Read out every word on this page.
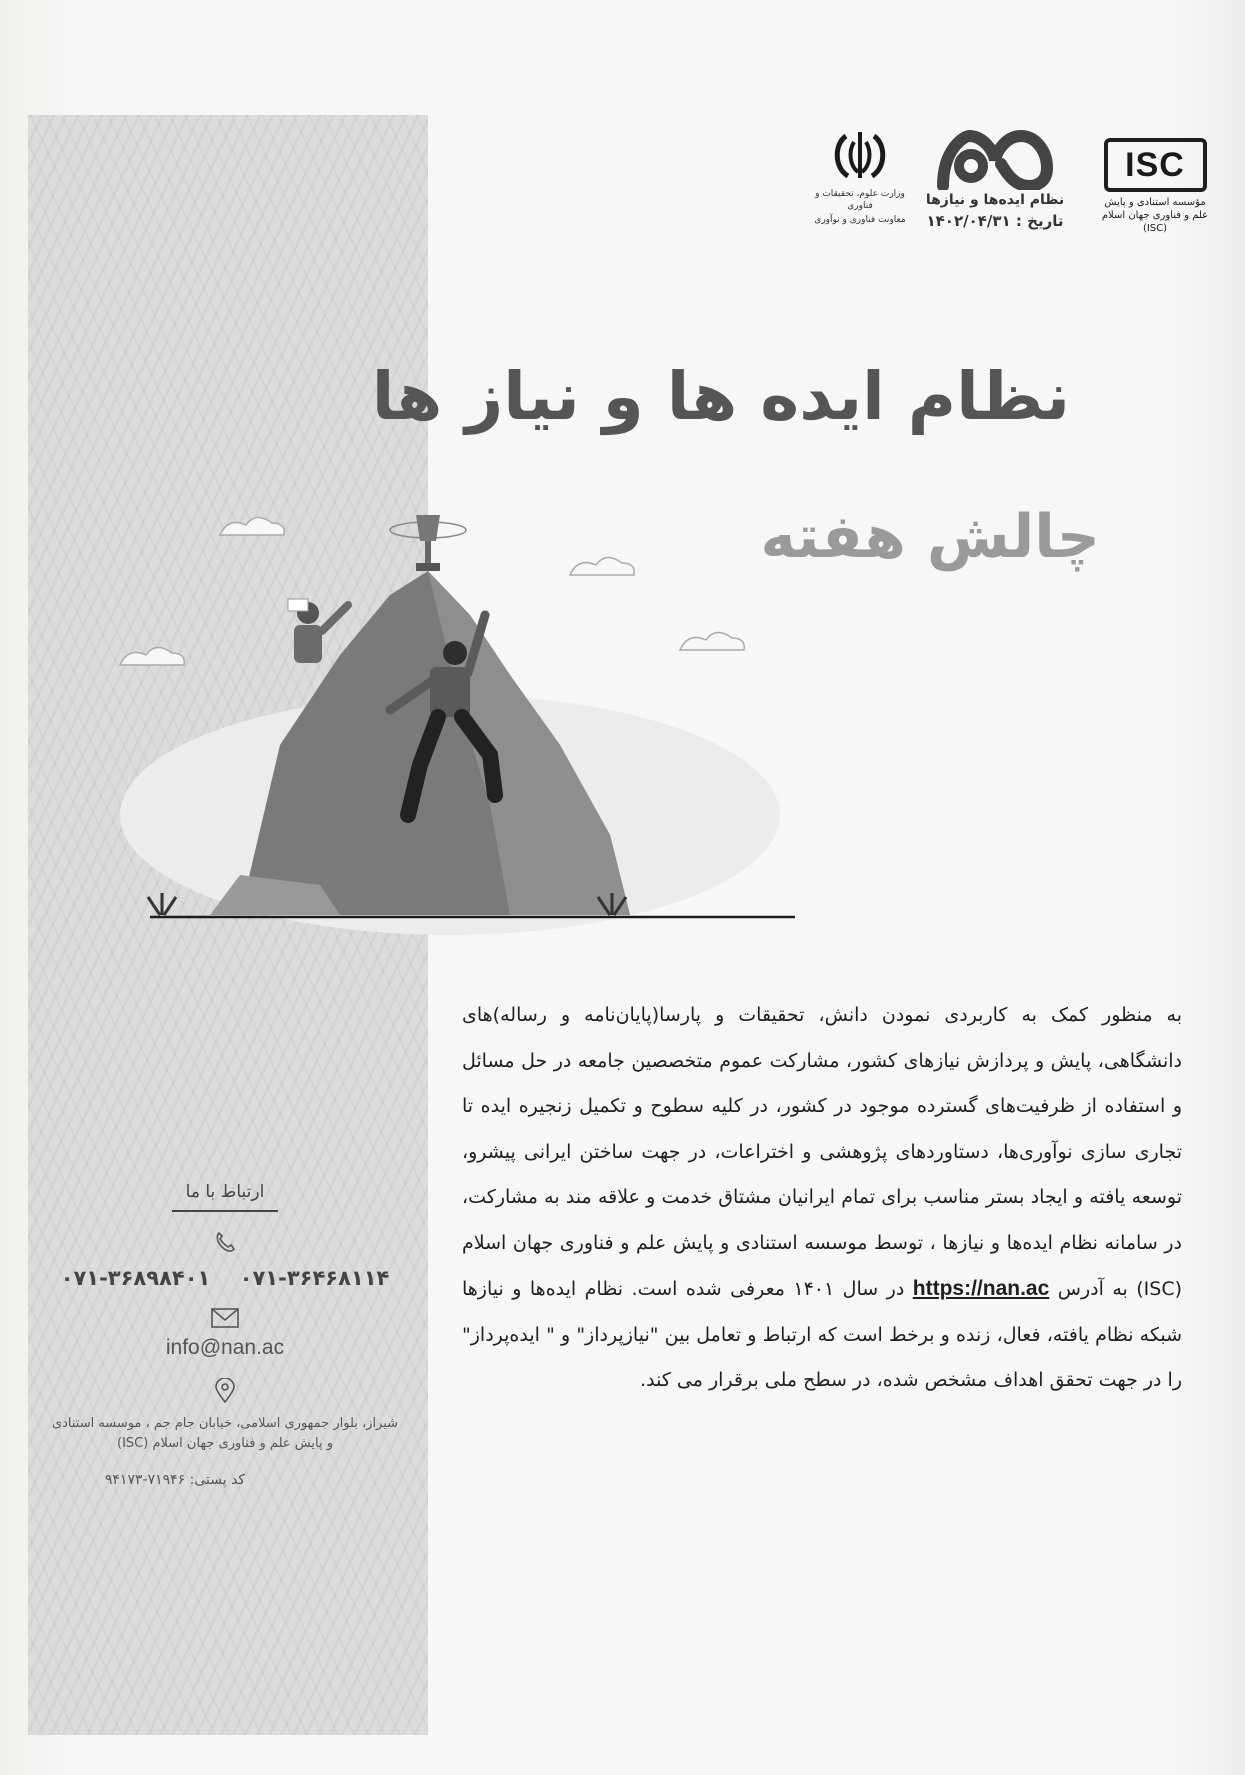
ISC
مؤسسه استنادی و پایش علم و فناوری جهان اسلام (ISC)
نظام ایده‌ها و نیازها
تاریخ : ۱۴۰۲/۰۴/۳۱
وزارت علوم، تحقیقات و فناوری
معاونت فناوری و نوآوری
نظام ایده ها و نیاز ها
چالش هفته
به منظور کمک به کاربردی نمودن دانش، تحقیقات و پارسا(پایان‌نامه و رساله)های دانشگاهی، پایش و پردازش نیازهای کشور، مشارکت عموم متخصصین جامعه در حل مسائل و استفاده از ظرفیت‌های گسترده موجود در کشور، در کلیه سطوح و تکمیل زنجیره ایده تا تجاری سازی نوآوری‌ها، دستاوردهای پژوهشی و اختراعات، در جهت ساختن ایرانی پیشرو، توسعه یافته و ایجاد بستر مناسب برای تمام ایرانیان مشتاق خدمت و علاقه مند به مشارکت، در سامانه نظام ایده‌ها و نیازها ، توسط موسسه استنادی و پایش علم و فناوری جهان اسلام (ISC) به آدرس https://nan.ac در سال ۱۴۰۱ معرفی شده است. نظام ایده‌ها و نیازها شبکه نظام یافته، فعال، زنده و برخط است که ارتباط و تعامل بین "نیازپرداز" و " ایده‌پرداز" را در جهت تحقق اهداف مشخص شده، در سطح ملی برقرار می کند.
ارتباط با ما
۰۷۱-۳۶۴۶۸۱۱۴ ۰۷۱-۳۶۸۹۸۴۰۱
info@nan.ac
شیراز، بلوار جمهوری اسلامی، خیابان جام جم ، موسسه استنادی و پایش علم و فناوری جهان اسلام (ISC)
کد پستی: ۷۱۹۴۶-۹۴۱۷۳
